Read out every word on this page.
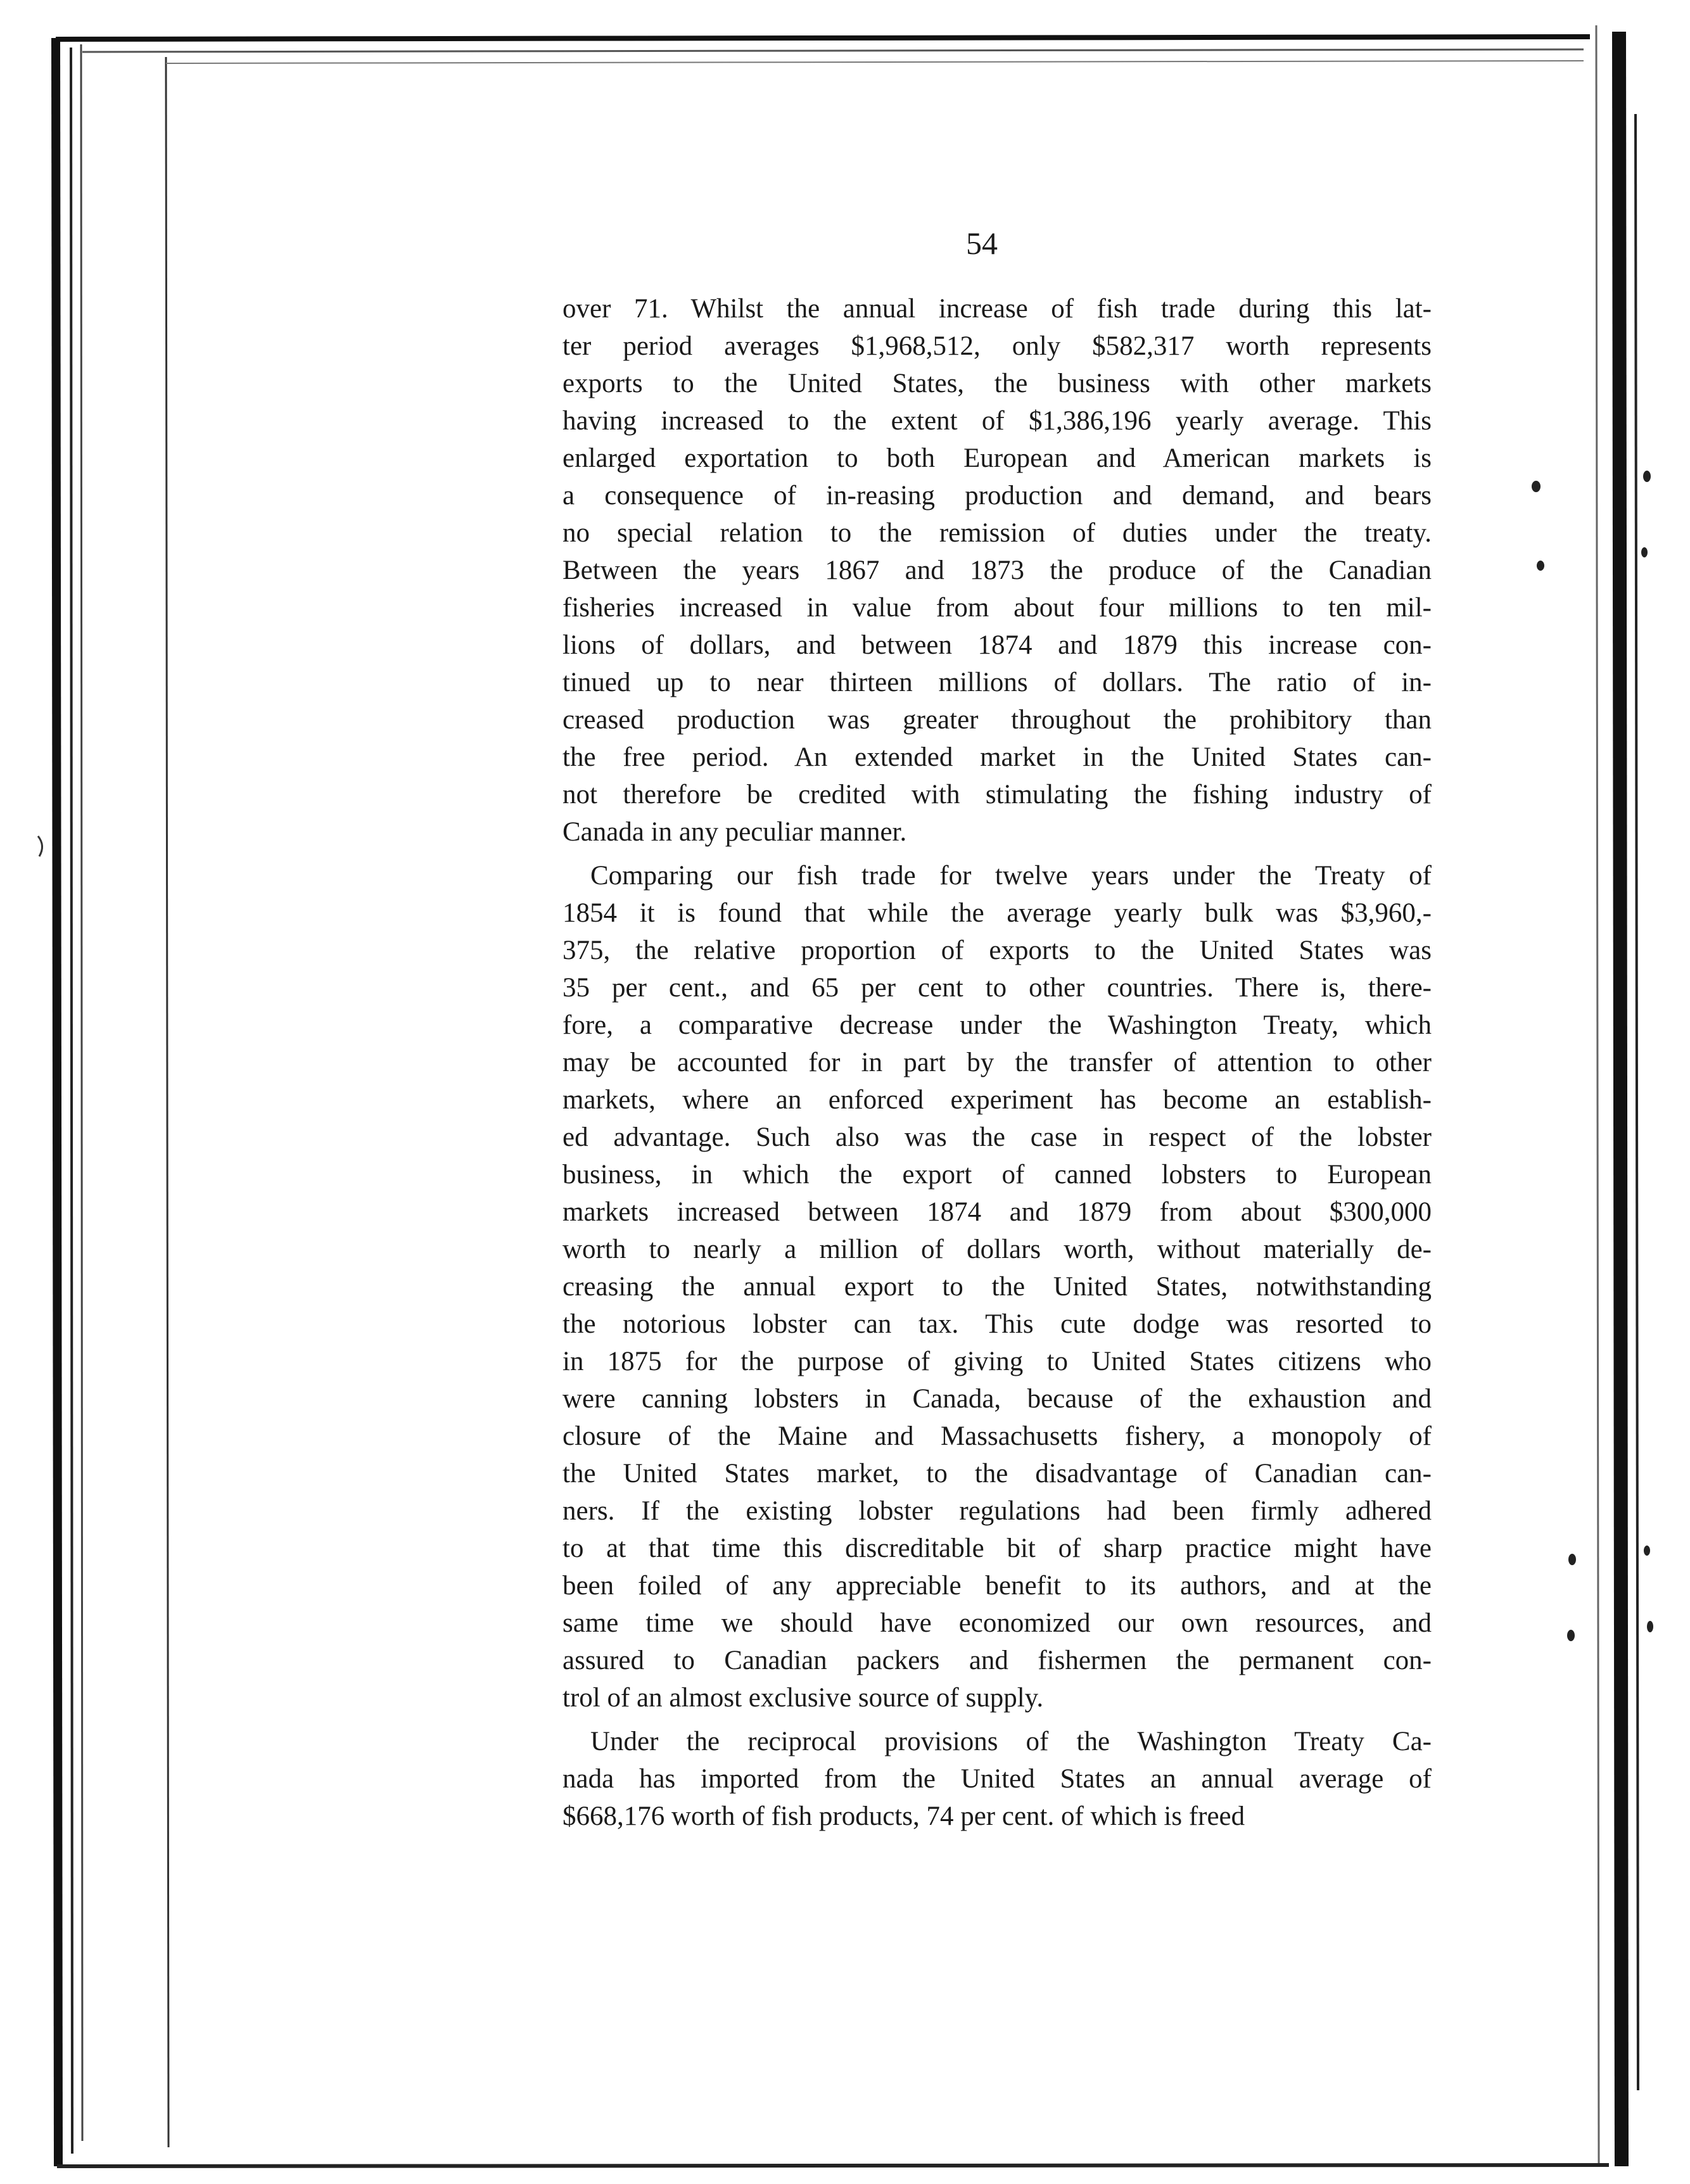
54
over 71. Whilst the annual increase of fish trade during this lat-
ter period averages $1,968,512, only $582,317 worth represents
exports to the United States, the business with other markets
having increased to the extent of $1,386,196 yearly average. This
enlarged exportation to both European and American markets is
a consequence of in-reasing production and demand, and bears
no special relation to the remission of duties under the treaty.
Between the years 1867 and 1873 the produce of the Canadian
fisheries increased in value from about four millions to ten mil-
lions of dollars, and between 1874 and 1879 this increase con-
tinued up to near thirteen millions of dollars. The ratio of in-
creased production was greater throughout the prohibitory than
the free period. An extended market in the United States can-
not therefore be credited with stimulating the fishing industry of
Canada in any peculiar manner.
Comparing our fish trade for twelve years under the Treaty of
1854 it is found that while the average yearly bulk was $3,960,-
375, the relative proportion of exports to the United States was
35 per cent., and 65 per cent to other countries. There is, there-
fore, a comparative decrease under the Washington Treaty, which
may be accounted for in part by the transfer of attention to other
markets, where an enforced experiment has become an establish-
ed advantage. Such also was the case in respect of the lobster
business, in which the export of canned lobsters to European
markets increased between 1874 and 1879 from about $300,000
worth to nearly a million of dollars worth, without materially de-
creasing the annual export to the United States, notwithstanding
the notorious lobster can tax. This cute dodge was resorted to
in 1875 for the purpose of giving to United States citizens who
were canning lobsters in Canada, because of the exhaustion and
closure of the Maine and Massachusetts fishery, a monopoly of
the United States market, to the disadvantage of Canadian can-
ners. If the existing lobster regulations had been firmly adhered
to at that time this discreditable bit of sharp practice might have
been foiled of any appreciable benefit to its authors, and at the
same time we should have economized our own resources, and
assured to Canadian packers and fishermen the permanent con-
trol of an almost exclusive source of supply.
Under the reciprocal provisions of the Washington Treaty Ca-
nada has imported from the United States an annual average of
$668,176 worth of fish products, 74 per cent. of which is freed
